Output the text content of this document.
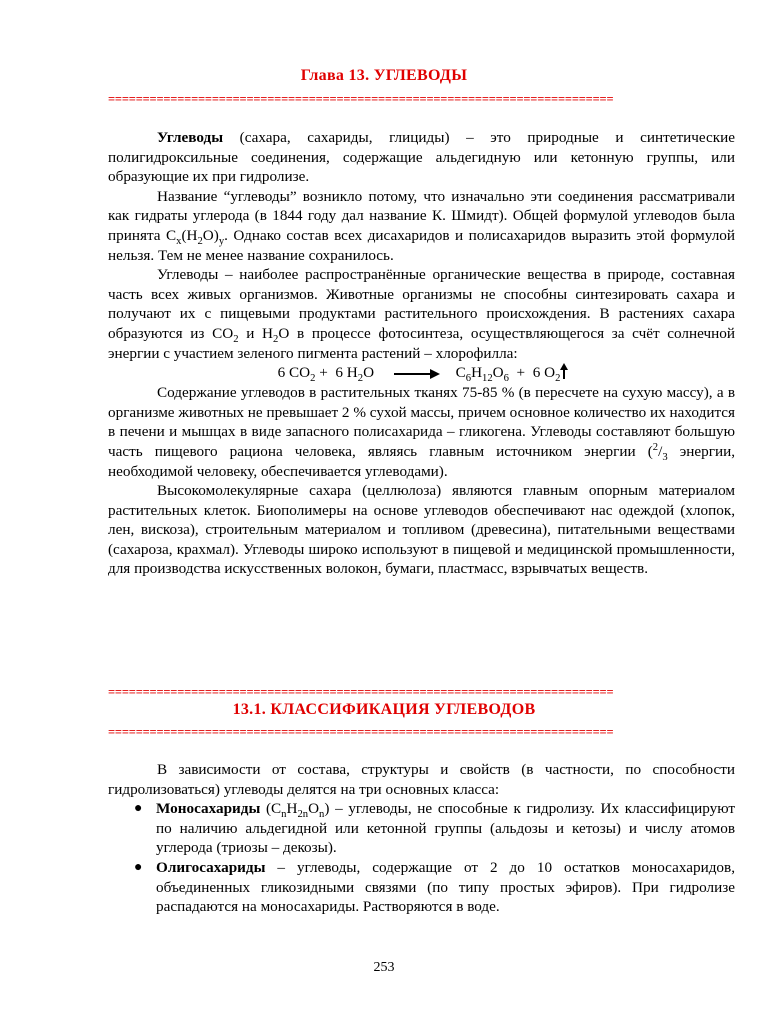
Глава 13. УГЛЕВОДЫ
=========================================================================

Углеводы (сахара, сахариды, глициды) – это природные и синтетические полигидроксильные соединения, содержащие альдегидную или кетонную группы, или образующие их при гидролизе.

Название “углеводы” возникло потому, что изначально эти соединения рассматривали как гидраты углерода (в 1844 году дал название К. Шмидт). Общей формулой углеводов была принята $C_x(H_2O)_y$. Однако состав всех дисахаридов и полисахаридов выразить этой формулой нельзя. Тем не менее название сохранилось.

Углеводы – наиболее распространённые органические вещества в природе, составная часть всех живых организмов. Животные организмы не способны синтезировать сахара и получают их с пищевыми продуктами растительного происхождения. В растениях сахара образуются из $CO_2$ и $H_2O$ в процессе фотосинтеза, осуществляющегося за счёт солнечной энергии с участием зеленого пигмента растений – хлорофилла:

6 $CO_2 + 6$ $H_2O$	$C_6H_{12}O_6 + 6$ $O_2$

Содержание углеводов в растительных тканях 75-85 % (в пересчете на сухую массу), а в организме животных не превышает 2 % сухой массы, причем основное количество их находится в печени и мышцах в виде запасного полисахарида – гликогена. Углеводы составляют большую часть пищевого рациона человека, являясь главным источником энергии ($^2/_3$ энергии, необходимой человеку, обеспечивается углеводами).

Высокомолекулярные сахара (целлюлоза) являются главным опорным материалом растительных клеток. Биополимеры на основе углеводов обеспечивают нас одеждой (хлопок, лен, вискоза), строительным материалом и топливом (древесина), питательными веществами (сахароза, крахмал). Углеводы широко используют в пищевой и медицинской промышленности, для производства искусственных волокон, бумаги, пластмасс, взрывчатых веществ.

=========================================================================
13.1. КЛАССИФИКАЦИЯ УГЛЕВОДОВ
=========================================================================

В зависимости от состава, структуры и свойств (в частности, по способности гидролизоваться) углеводы делятся на три основных класса:

● Моносахариды $(C_nH_{2n}O_n)$ – углеводы, не способные к гидролизу. Их классифицируют по наличию альдегидной или кетонной группы (альдозы и кетозы) и числу атомов углерода (триозы – декозы).
● Олигосахариды – углеводы, содержащие от 2 до 10 остатков моносахаридов, объединенных гликозидными связями (по типу простых эфиров). При гидролизе распадаются на моносахариды. Растворяются в воде.
253
